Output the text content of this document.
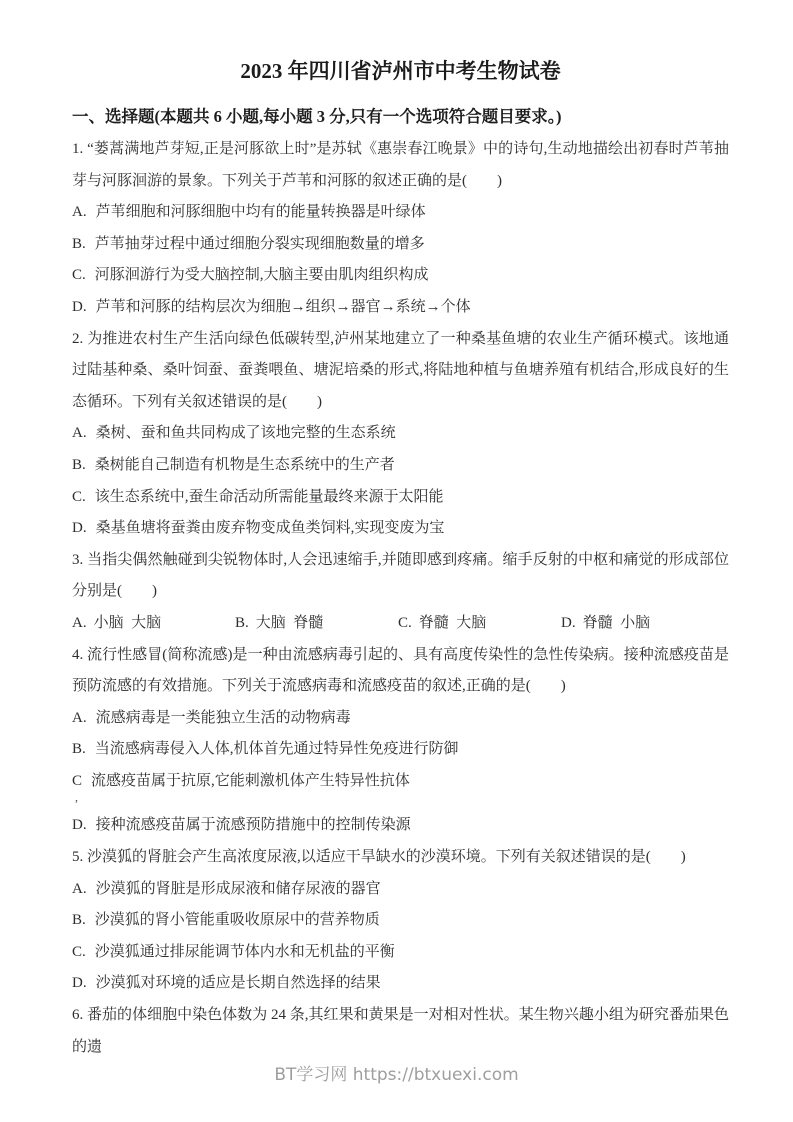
2023 年四川省泸州市中考生物试卷
一、选择题(本题共 6 小题,每小题 3 分,只有一个选项符合题目要求。)

1. “蒌蒿满地芦芽短,正是河豚欲上时”是苏轼《惠崇春江晚景》中的诗句,生动地描绘出初春时芦苇抽芽与河豚洄游的景象。下列关于芦苇和河豚的叙述正确的是(　　)

A. 芦苇细胞和河豚细胞中均有的能量转换器是叶绿体

B. 芦苇抽芽过程中通过细胞分裂实现细胞数量的增多

C. 河豚洄游行为受大脑控制,大脑主要由肌肉组织构成

D. 芦苇和河豚的结构层次为细胞→组织→器官→系统→个体

2. 为推进农村生产生活向绿色低碳转型,泸州某地建立了一种桑基鱼塘的农业生产循环模式。该地通过陆基种桑、桑叶饲蚕、蚕粪喂鱼、塘泥培桑的形式,将陆地种植与鱼塘养殖有机结合,形成良好的生态循环。下列有关叙述错误的是(　　)

A. 桑树、蚕和鱼共同构成了该地完整的生态系统

B. 桑树能自己制造有机物是生态系统中的生产者

C. 该生态系统中,蚕生命活动所需能量最终来源于太阳能

D. 桑基鱼塘将蚕粪由废弃物变成鱼类饲料,实现变废为宝

3. 当指尖偶然触碰到尖锐物体时,人会迅速缩手,并随即感到疼痛。缩手反射的中枢和痛觉的形成部位分别是(　　)

A. 小脑 大脑	B. 大脑 脊髓	C. 脊髓 大脑	D. 脊髓 小脑

4. 流行性感冒(简称流感)是一种由流感病毒引起的、具有高度传染性的急性传染病。接种流感疫苗是预防流感的有效措施。下列关于流感病毒和流感疫苗的叙述,正确的是(　　)

A. 流感病毒是一类能独立生活的动物病毒

B. 当流感病毒侵入人体,机体首先通过特异性免疫进行防御

C 流感疫苗属于抗原,它能刺激机体产生特异性抗体
,

D. 接种流感疫苗属于流感预防措施中的控制传染源

5. 沙漠狐的肾脏会产生高浓度尿液,以适应干旱缺水的沙漠环境。下列有关叙述错误的是(　　)

A. 沙漠狐的肾脏是形成尿液和储存尿液的器官

B. 沙漠狐的肾小管能重吸收原尿中的营养物质

C. 沙漠狐通过排尿能调节体内水和无机盐的平衡

D. 沙漠狐对环境的适应是长期自然选择的结果

6. 番茄的体细胞中染色体数为 24 条,其红果和黄果是一对相对性状。某生物兴趣小组为研究番茄果色的遗

BT学习网 https://btxuexi.com
